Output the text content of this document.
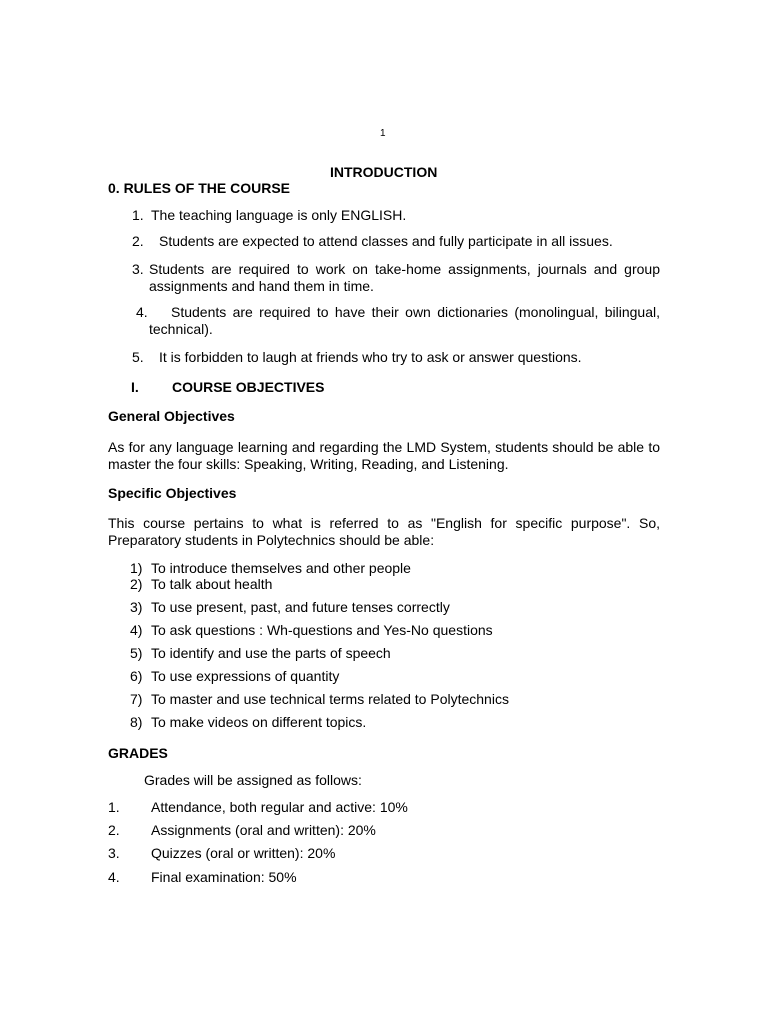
1

INTRODUCTION

0. RULES OF THE COURSE

1. The teaching language is only ENGLISH.

2. Students are expected to attend classes and fully participate in all issues.

3. Students are required to work on take-home assignments, journals and group assignments and hand them in time.

4.	Students are required to have their own dictionaries (monolingual, bilingual, technical).

5. It is forbidden to laugh at friends who try to ask or answer questions.

I. COURSE OBJECTIVES

General Objectives

As for any language learning and regarding the LMD System, students should be able to master the four skills: Speaking, Writing, Reading, and Listening.

Specific Objectives

This course pertains to what is referred to as "English for specific purpose". So, Preparatory students in Polytechnics should be able:

1) To introduce themselves and other people

2) To talk about health

3) To use present, past, and future tenses correctly

4) To ask questions : Wh-questions and Yes-No questions

5) To identify and use the parts of speech

6) To use expressions of quantity

7) To master and use technical terms related to Polytechnics

8) To make videos on different topics.

GRADES

Grades will be assigned as follows:

1. Attendance, both regular and active: 10%

2. Assignments (oral and written): 20%

3. Quizzes (oral or written): 20%

4. Final examination: 50%
